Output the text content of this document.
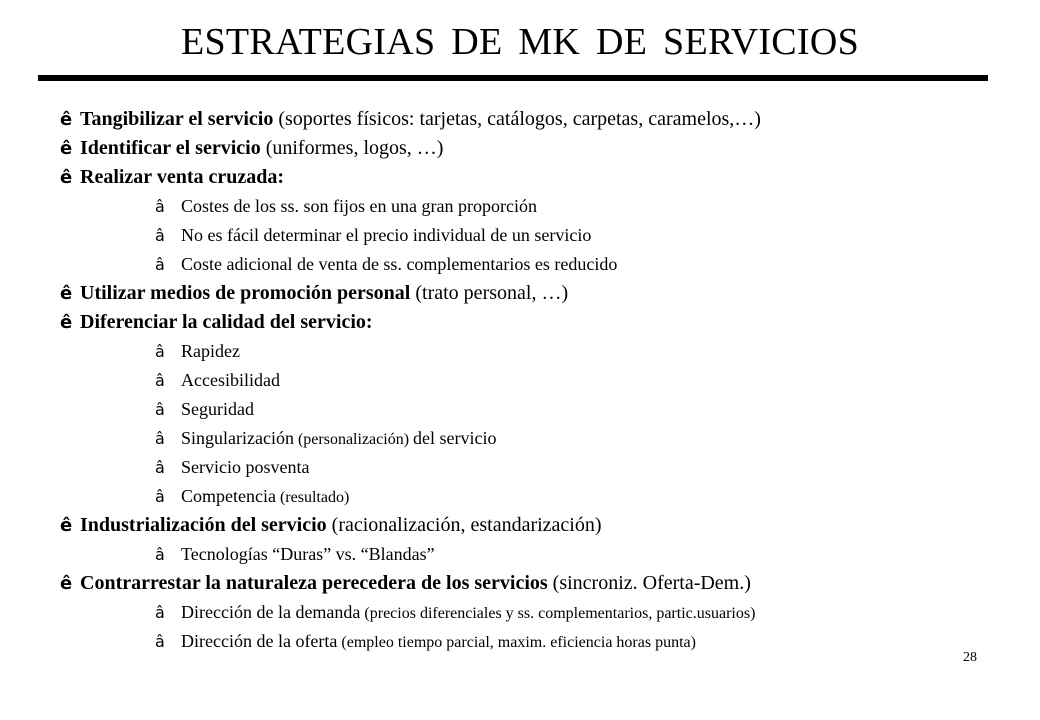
ESTRATEGIAS DE MK DE SERVICIOS
ê Tangibilizar el servicio (soportes físicos: tarjetas, catálogos, carpetas, caramelos,…)
ê Identificar el servicio (uniformes, logos, …)
ê Realizar venta cruzada:
â Costes de los ss. son fijos en una gran proporción
â No es fácil determinar el precio individual de un servicio
â Coste adicional de venta de ss. complementarios es reducido
ê Utilizar medios de promoción personal (trato personal, …)
ê Diferenciar la calidad del servicio:
â Rapidez
â Accesibilidad
â Seguridad
â Singularización (personalización) del servicio
â Servicio posventa
â Competencia (resultado)
ê Industrialización del servicio (racionalización, estandarización)
â Tecnologías “Duras” vs. “Blandas”
ê Contrarrestar la naturaleza perecedera de los servicios (sincroniz. Oferta-Dem.)
â Dirección de la demanda (precios diferenciales y ss. complementarios, partic.usuarios)
â Dirección de la oferta (empleo tiempo parcial, maxim. eficiencia horas punta)
28
